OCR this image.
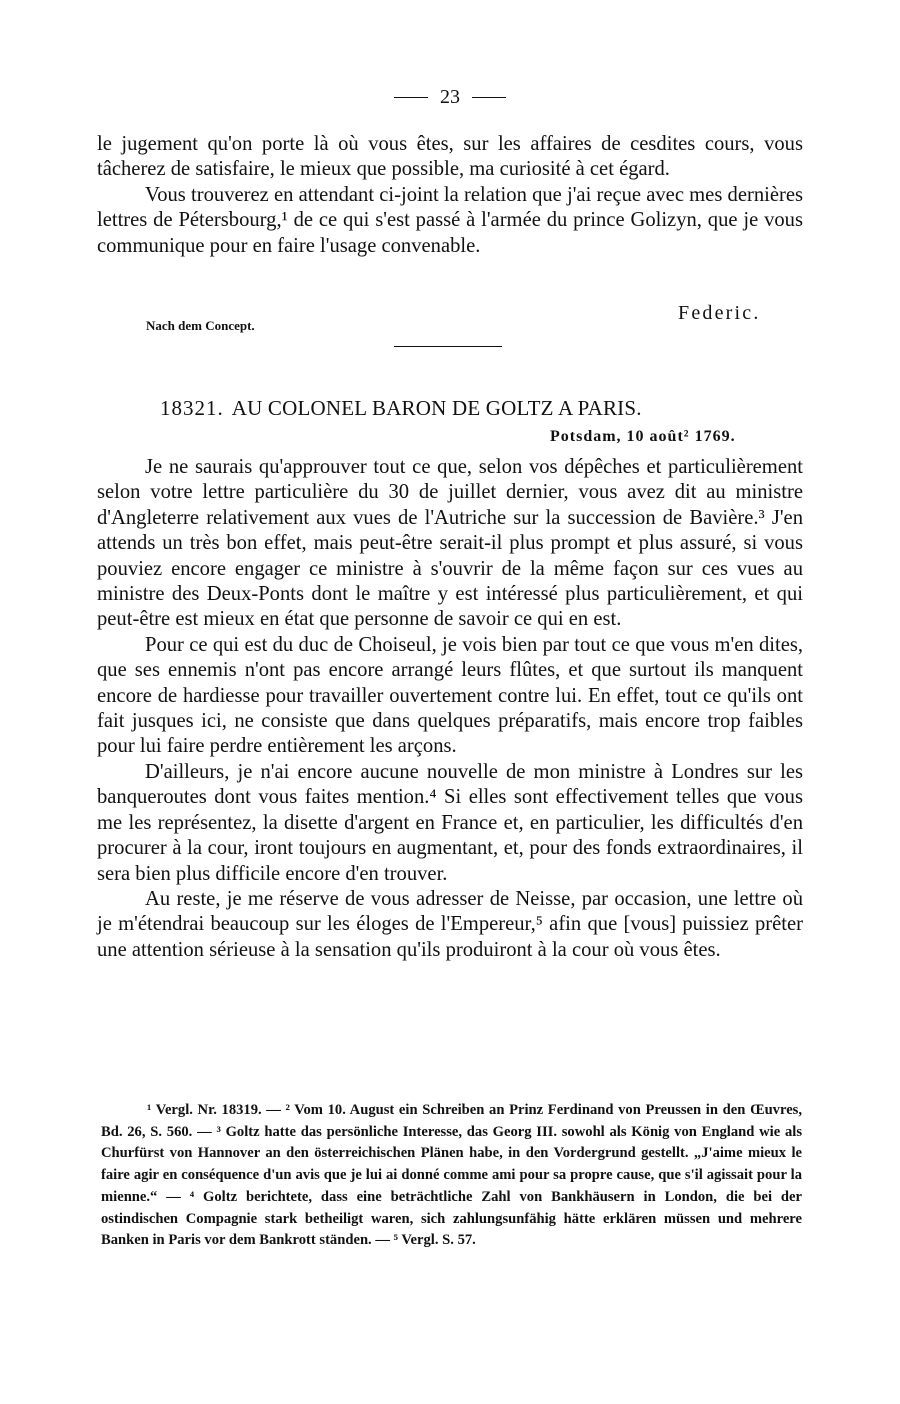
23

le jugement qu'on porte là où vous êtes, sur les affaires de cesdites cours, vous tâcherez de satisfaire, le mieux que possible, ma curiosité à cet égard.

Vous trouverez en attendant ci-joint la relation que j'ai reçue avec mes dernières lettres de Pétersbourg,¹ de ce qui s'est passé à l'armée du prince Golizyn, que je vous communique pour en faire l'usage convenable.

Nach dem Concept.
Federic.
18321. AU COLONEL BARON DE GOLTZ A PARIS.
Potsdam, 10 août² 1769.

Je ne saurais qu'approuver tout ce que, selon vos dépêches et particulièrement selon votre lettre particulière du 30 de juillet dernier, vous avez dit au ministre d'Angleterre relativement aux vues de l'Autriche sur la succession de Bavière.³ J'en attends un très bon effet, mais peut-être serait-il plus prompt et plus assuré, si vous pouviez encore engager ce ministre à s'ouvrir de la même façon sur ces vues au ministre des Deux-Ponts dont le maître y est intéressé plus particulièrement, et qui peut-être est mieux en état que personne de savoir ce qui en est.

Pour ce qui est du duc de Choiseul, je vois bien par tout ce que vous m'en dites, que ses ennemis n'ont pas encore arrangé leurs flûtes, et que surtout ils manquent encore de hardiesse pour travailler ouvertement contre lui. En effet, tout ce qu'ils ont fait jusques ici, ne consiste que dans quelques préparatifs, mais encore trop faibles pour lui faire perdre entièrement les arçons.

D'ailleurs, je n'ai encore aucune nouvelle de mon ministre à Londres sur les banqueroutes dont vous faites mention.⁴ Si elles sont effectivement telles que vous me les représentez, la disette d'argent en France et, en particulier, les difficultés d'en procurer à la cour, iront toujours en augmentant, et, pour des fonds extraordinaires, il sera bien plus difficile encore d'en trouver.

Au reste, je me réserve de vous adresser de Neisse, par occasion, une lettre où je m'étendrai beaucoup sur les éloges de l'Empereur,⁵ afin que [vous] puissiez prêter une attention sérieuse à la sensation qu'ils produiront à la cour où vous êtes.

¹ Vergl. Nr. 18319. — ² Vom 10. August ein Schreiben an Prinz Ferdinand von Preussen in den Œuvres, Bd. 26, S. 560. — ³ Goltz hatte das persönliche Interesse, das Georg III. sowohl als König von England wie als Churfürst von Hannover an den österreichischen Plänen habe, in den Vordergrund gestellt. „J'aime mieux le faire agir en conséquence d'un avis que je lui ai donné comme ami pour sa propre cause, que s'il agissait pour la mienne.“ — ⁴ Goltz berichtete, dass eine beträchtliche Zahl von Bankhäusern in London, die bei der ostindischen Compagnie stark betheiligt waren, sich zahlungsunfähig hätte erklären müssen und mehrere Banken in Paris vor dem Bankrott ständen. — ⁵ Vergl. S. 57.
